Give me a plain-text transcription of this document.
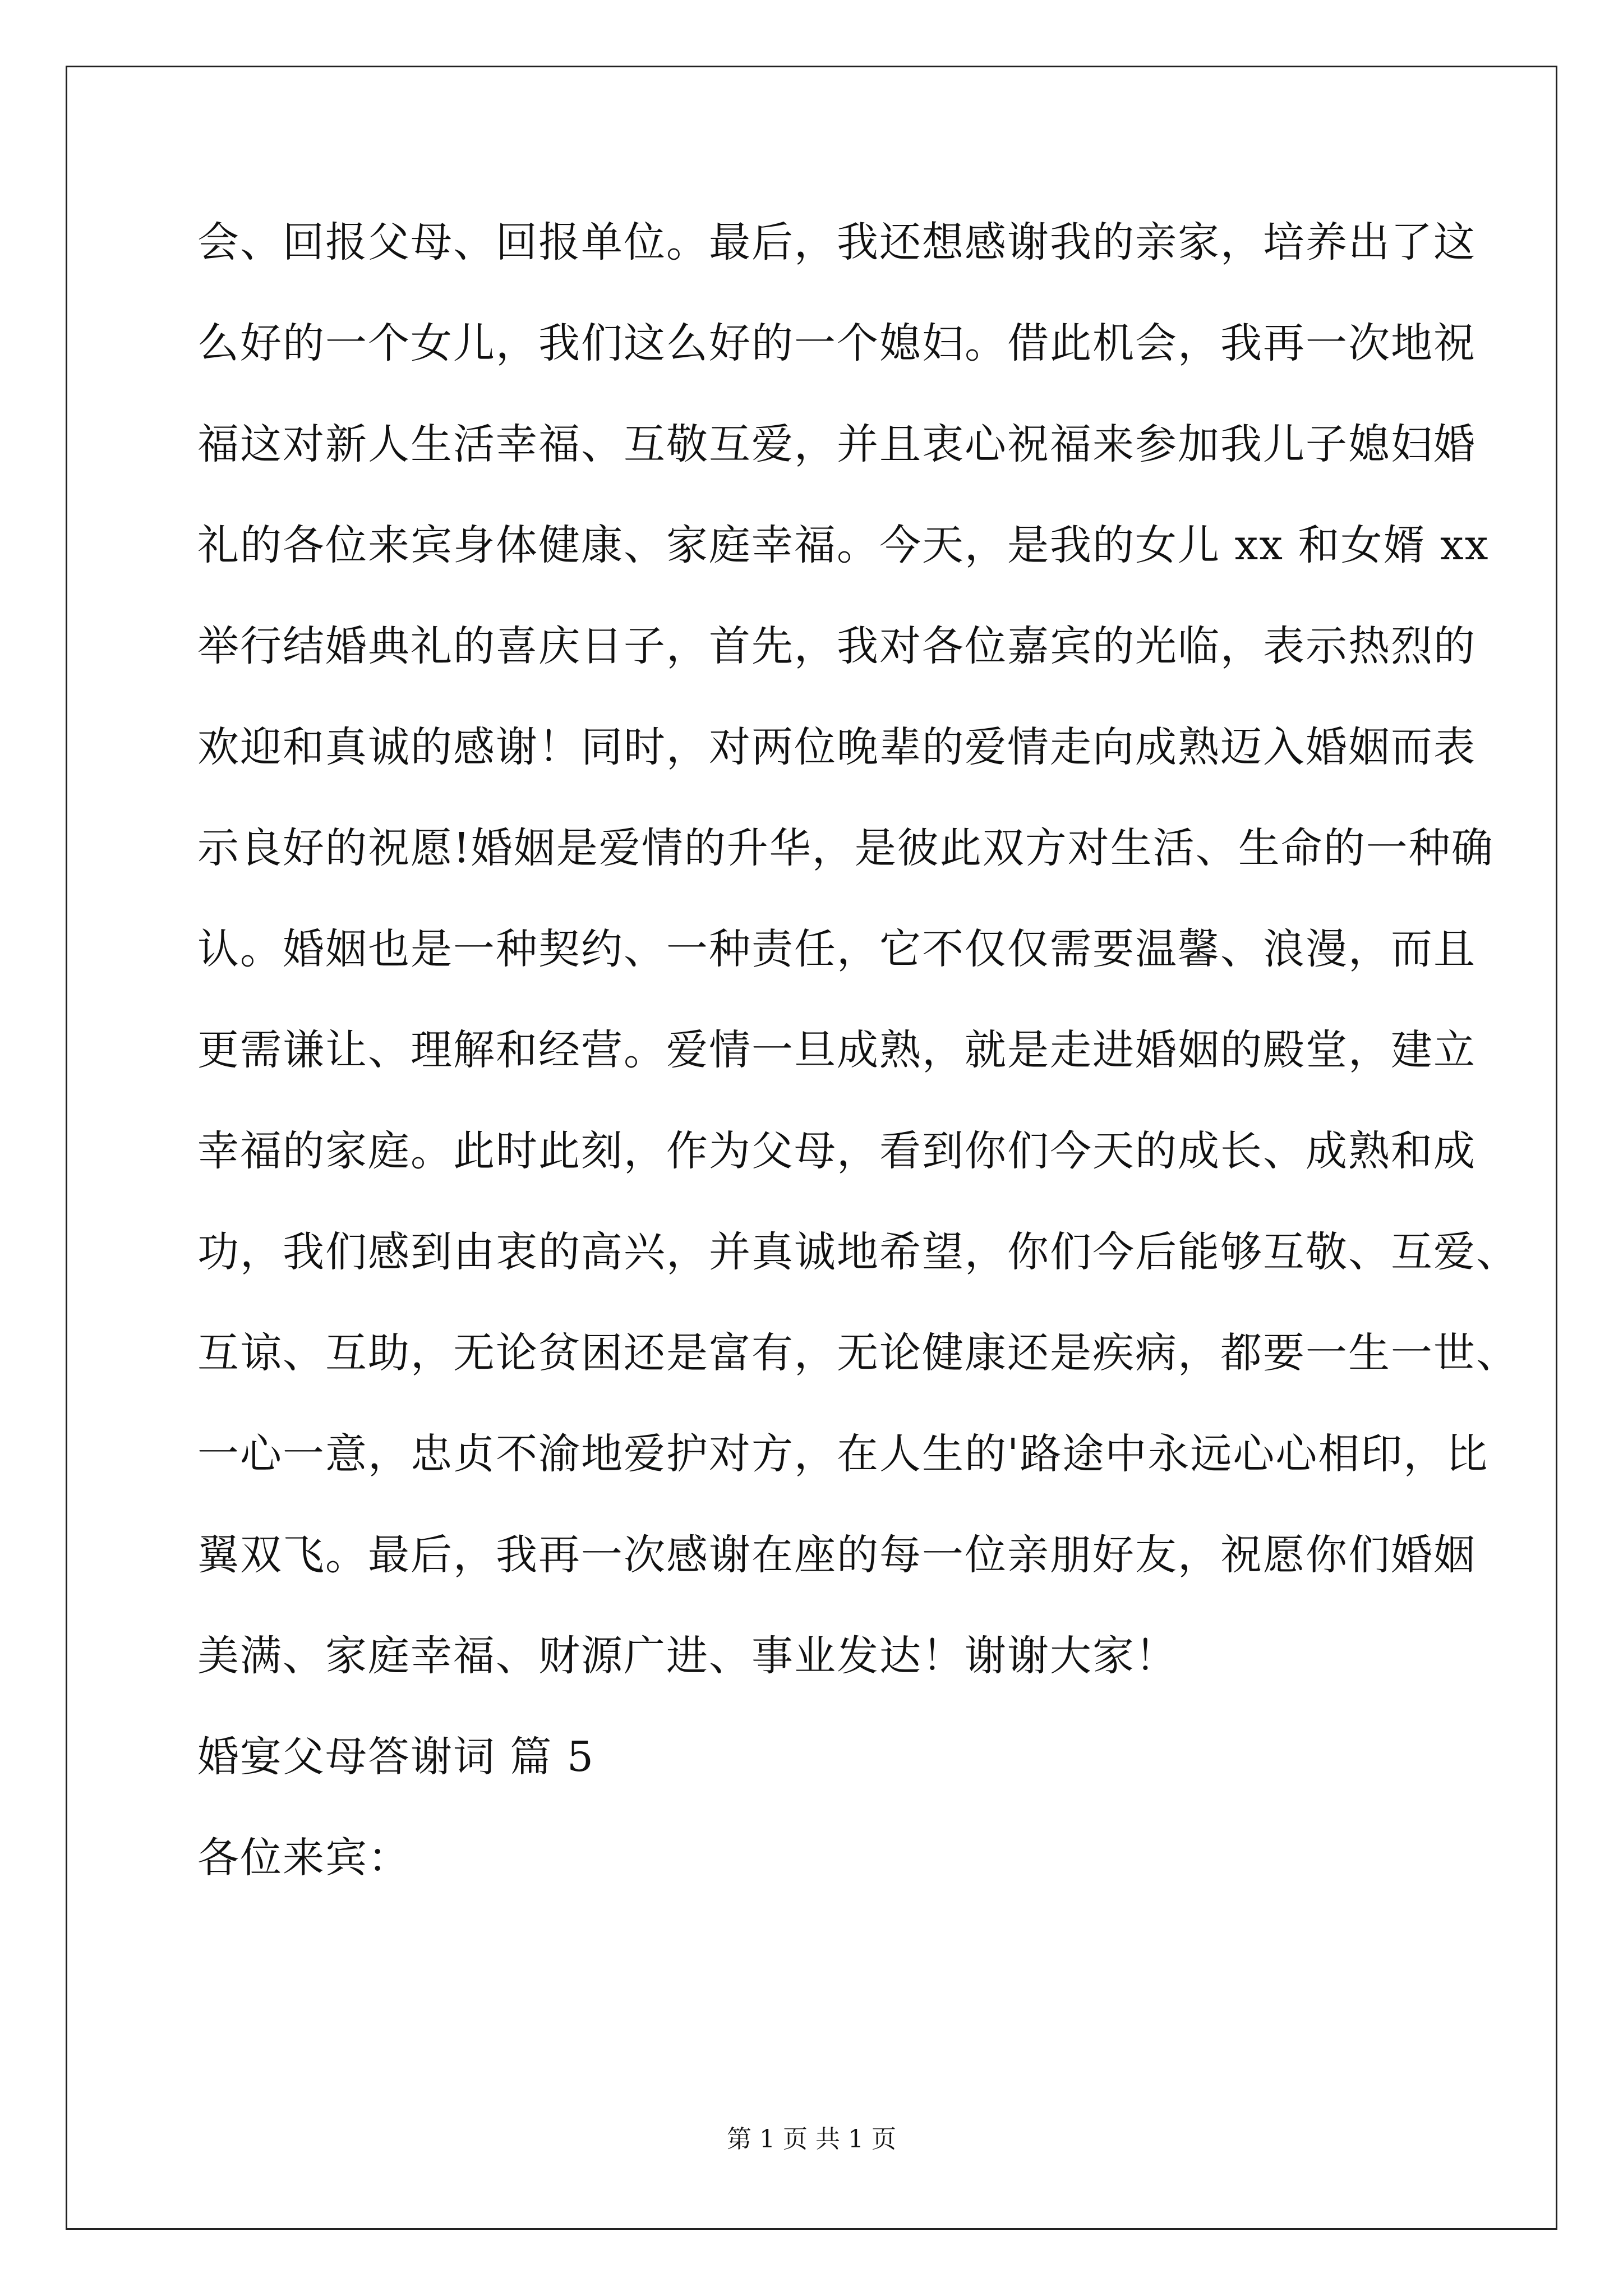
会、回报父母、回报单位。最后，我还想感谢我的亲家，培养出了这
么好的一个女儿，我们这么好的一个媳妇。借此机会，我再一次地祝
福这对新人生活幸福、互敬互爱，并且衷心祝福来参加我儿子媳妇婚
礼的各位来宾身体健康、家庭幸福。今天，是我的女儿 xx 和女婿 xx
举行结婚典礼的喜庆日子，首先，我对各位嘉宾的光临，表示热烈的
欢迎和真诚的感谢！同时，对两位晚辈的爱情走向成熟迈入婚姻而表
示良好的祝愿!婚姻是爱情的升华，是彼此双方对生活、生命的一种确
认。婚姻也是一种契约、一种责任，它不仅仅需要温馨、浪漫，而且
更需谦让、理解和经营。爱情一旦成熟，就是走进婚姻的殿堂，建立
幸福的家庭。此时此刻，作为父母，看到你们今天的成长、成熟和成
功，我们感到由衷的高兴，并真诚地希望，你们今后能够互敬、互爱、
互谅、互助，无论贫困还是富有，无论健康还是疾病，都要一生一世、
一心一意，忠贞不渝地爱护对方，在人生的'路途中永远心心相印，比
翼双飞。最后，我再一次感谢在座的每一位亲朋好友，祝愿你们婚姻
美满、家庭幸福、财源广进、事业发达！谢谢大家！
婚宴父母答谢词 篇 5
各位来宾：
第 1 页 共 1 页
